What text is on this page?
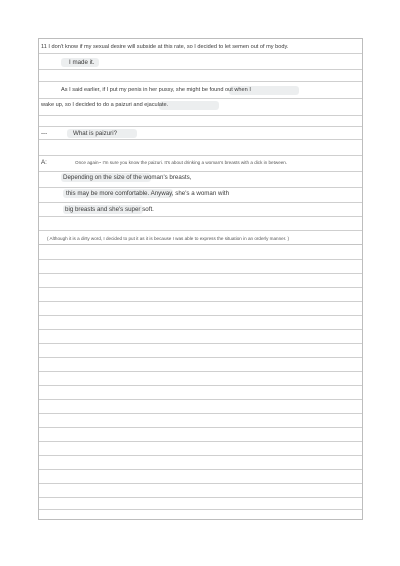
11 I don't know if my sexual desire will subside at this rate, so I decided to let semen out of my body.
I made it.
As I said earlier, if I put my penis in her pussy, she might be found out when I
wake up, so I decided to do a paizuri and ejaculate.
---	What is paizuri?
A:	Once again~ I'm sure you know the paizuri. It's about drinking a woman's breasts with a dick in between.
Depending on the size of the woman's breasts,
this may be more comfortable. Anyway, she's a woman with
big breasts and she's super soft.
( Although it is a dirty word, I decided to put it as it is because I was able to express the situation in an orderly manner. )
